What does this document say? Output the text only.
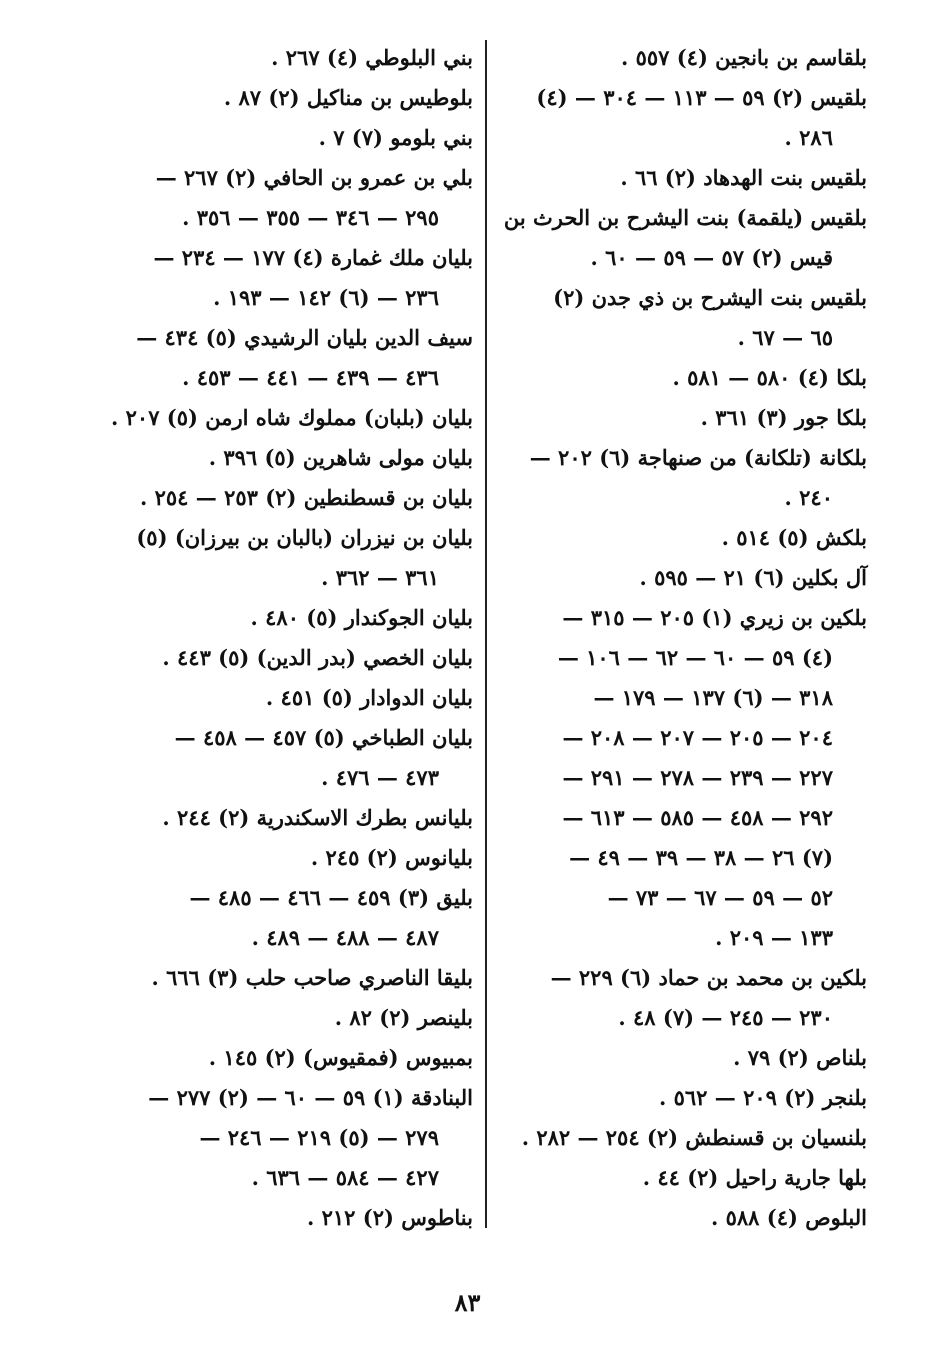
بلقاسم بن بانجين (٤) ٥٥٧ .
بلقيس (٢) ٥٩ — ١١٣ — ٣٠٤ — (٤)
٢٨٦ .
بلقيس بنت الهدهاد (٢) ٦٦ .
بلقيس (يلقمة) بنت اليشرح بن الحرث بن
قيس (٢) ٥٧ — ٥٩ — ٦٠ .
بلقيس بنت اليشرح بن ذي جدن (٢)
٦٥ — ٦٧ .
بلكا (٤) ٥٨٠ — ٥٨١ .
بلكا جور (٣) ٣٦١ .
بلكانة (تلكانة) من صنهاجة (٦) ٢٠٢ —
٢٤٠ .
بلكش (٥) ٥١٤ .
آل بكلين (٦) ٢١ — ٥٩٥ .
بلكين بن زيري (١) ٢٠٥ — ٣١٥ —
(٤) ٥٩ — ٦٠ — ٦٢ — ١٠٦ —
٣١٨ — (٦) ١٣٧ — ١٧٩ —
٢٠٤ — ٢٠٥ — ٢٠٧ — ٢٠٨ —
٢٢٧ — ٢٣٩ — ٢٧٨ — ٢٩١ —
٢٩٢ — ٤٥٨ — ٥٨٥ — ٦١٣ —
(٧) ٢٦ — ٣٨ — ٣٩ — ٤٩ —
٥٢ — ٥٩ — ٦٧ — ٧٣ —
١٣٣ — ٢٠٩ .
بلكين بن محمد بن حماد (٦) ٢٢٩ —
٢٣٠ — ٢٤٥ — (٧) ٤٨ .
بلناص (٢) ٧٩ .
بلنجر (٢) ٢٠٩ — ٥٦٢ .
بلنسيان بن قسنطش (٢) ٢٥٤ — ٢٨٢ .
بلها جارية راحيل (٢) ٤٤ .
البلوص (٤) ٥٨٨ .
بني البلوطي (٤) ٢٦٧ .
بلوطيس بن مناكيل (٢) ٨٧ .
بني بلومو (٧) ٧ .
بلي بن عمرو بن الحافي (٢) ٢٦٧ —
٢٩٥ — ٣٤٦ — ٣٥٥ — ٣٥٦ .
بليان ملك غمارة (٤) ١٧٧ — ٢٣٤ —
٢٣٦ — (٦) ١٤٢ — ١٩٣ .
سيف الدين بليان الرشيدي (٥) ٤٣٤ —
٤٣٦ — ٤٣٩ — ٤٤١ — ٤٥٣ .
بليان (بلبان) مملوك شاه ارمن (٥) ٢٠٧ .
بليان مولى شاهرين (٥) ٣٩٦ .
بليان بن قسطنطين (٢) ٢٥٣ — ٢٥٤ .
بليان بن نيزران (بالبان بن بيرزان) (٥)
٣٦١ — ٣٦٢ .
بليان الجوكندار (٥) ٤٨٠ .
بليان الخصي (بدر الدين) (٥) ٤٤٣ .
بليان الدوادار (٥) ٤٥١ .
بليان الطباخي (٥) ٤٥٧ — ٤٥٨ —
٤٧٣ — ٤٧٦ .
بليانس بطرك الاسكندرية (٢) ٢٤٤ .
بليانوس (٢) ٢٤٥ .
بليق (٣) ٤٥٩ — ٤٦٦ — ٤٨٥ —
٤٨٧ — ٤٨٨ — ٤٨٩ .
بليقا الناصري صاحب حلب (٣) ٦٦٦ .
بلينصر (٢) ٨٢ .
بمبيوس (فمقيوس) (٢) ١٤٥ .
البنادقة (١) ٥٩ — ٦٠ — (٢) ٢٧٧ —
٢٧٩ — (٥) ٢١٩ — ٢٤٦ —
٤٢٧ — ٥٨٤ — ٦٣٦ .
بناطوس (٢) ٢١٢ .
٨٣
